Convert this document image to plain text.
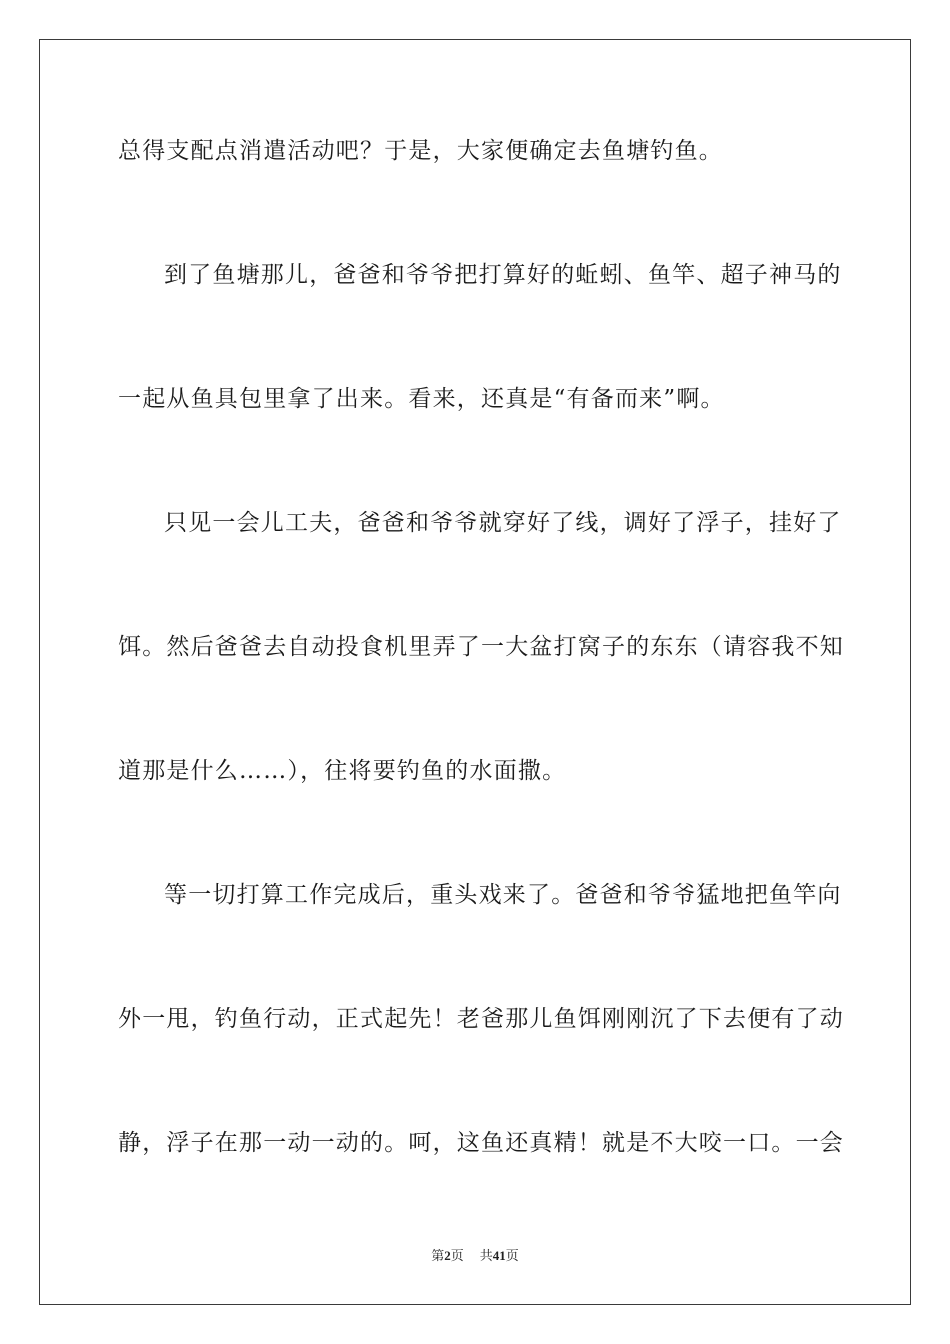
总得支配点消遣活动吧？于是，大家便确定去鱼塘钓鱼。
到了鱼塘那儿，爸爸和爷爷把打算好的蚯蚓、鱼竿、超子神马的
一起从鱼具包里拿了出来。看来，还真是“有备而来”啊。
只见一会儿工夫，爸爸和爷爷就穿好了线，调好了浮子，挂好了
饵。然后爸爸去自动投食机里弄了一大盆打窝子的东东（请容我不知
道那是什么……），往将要钓鱼的水面撒。
等一切打算工作完成后，重头戏来了。爸爸和爷爷猛地把鱼竿向
外一甩，钓鱼行动，正式起先！老爸那儿鱼饵刚刚沉了下去便有了动
静，浮子在那一动一动的。呵，这鱼还真精！就是不大咬一口。一会
第2页 共41页
